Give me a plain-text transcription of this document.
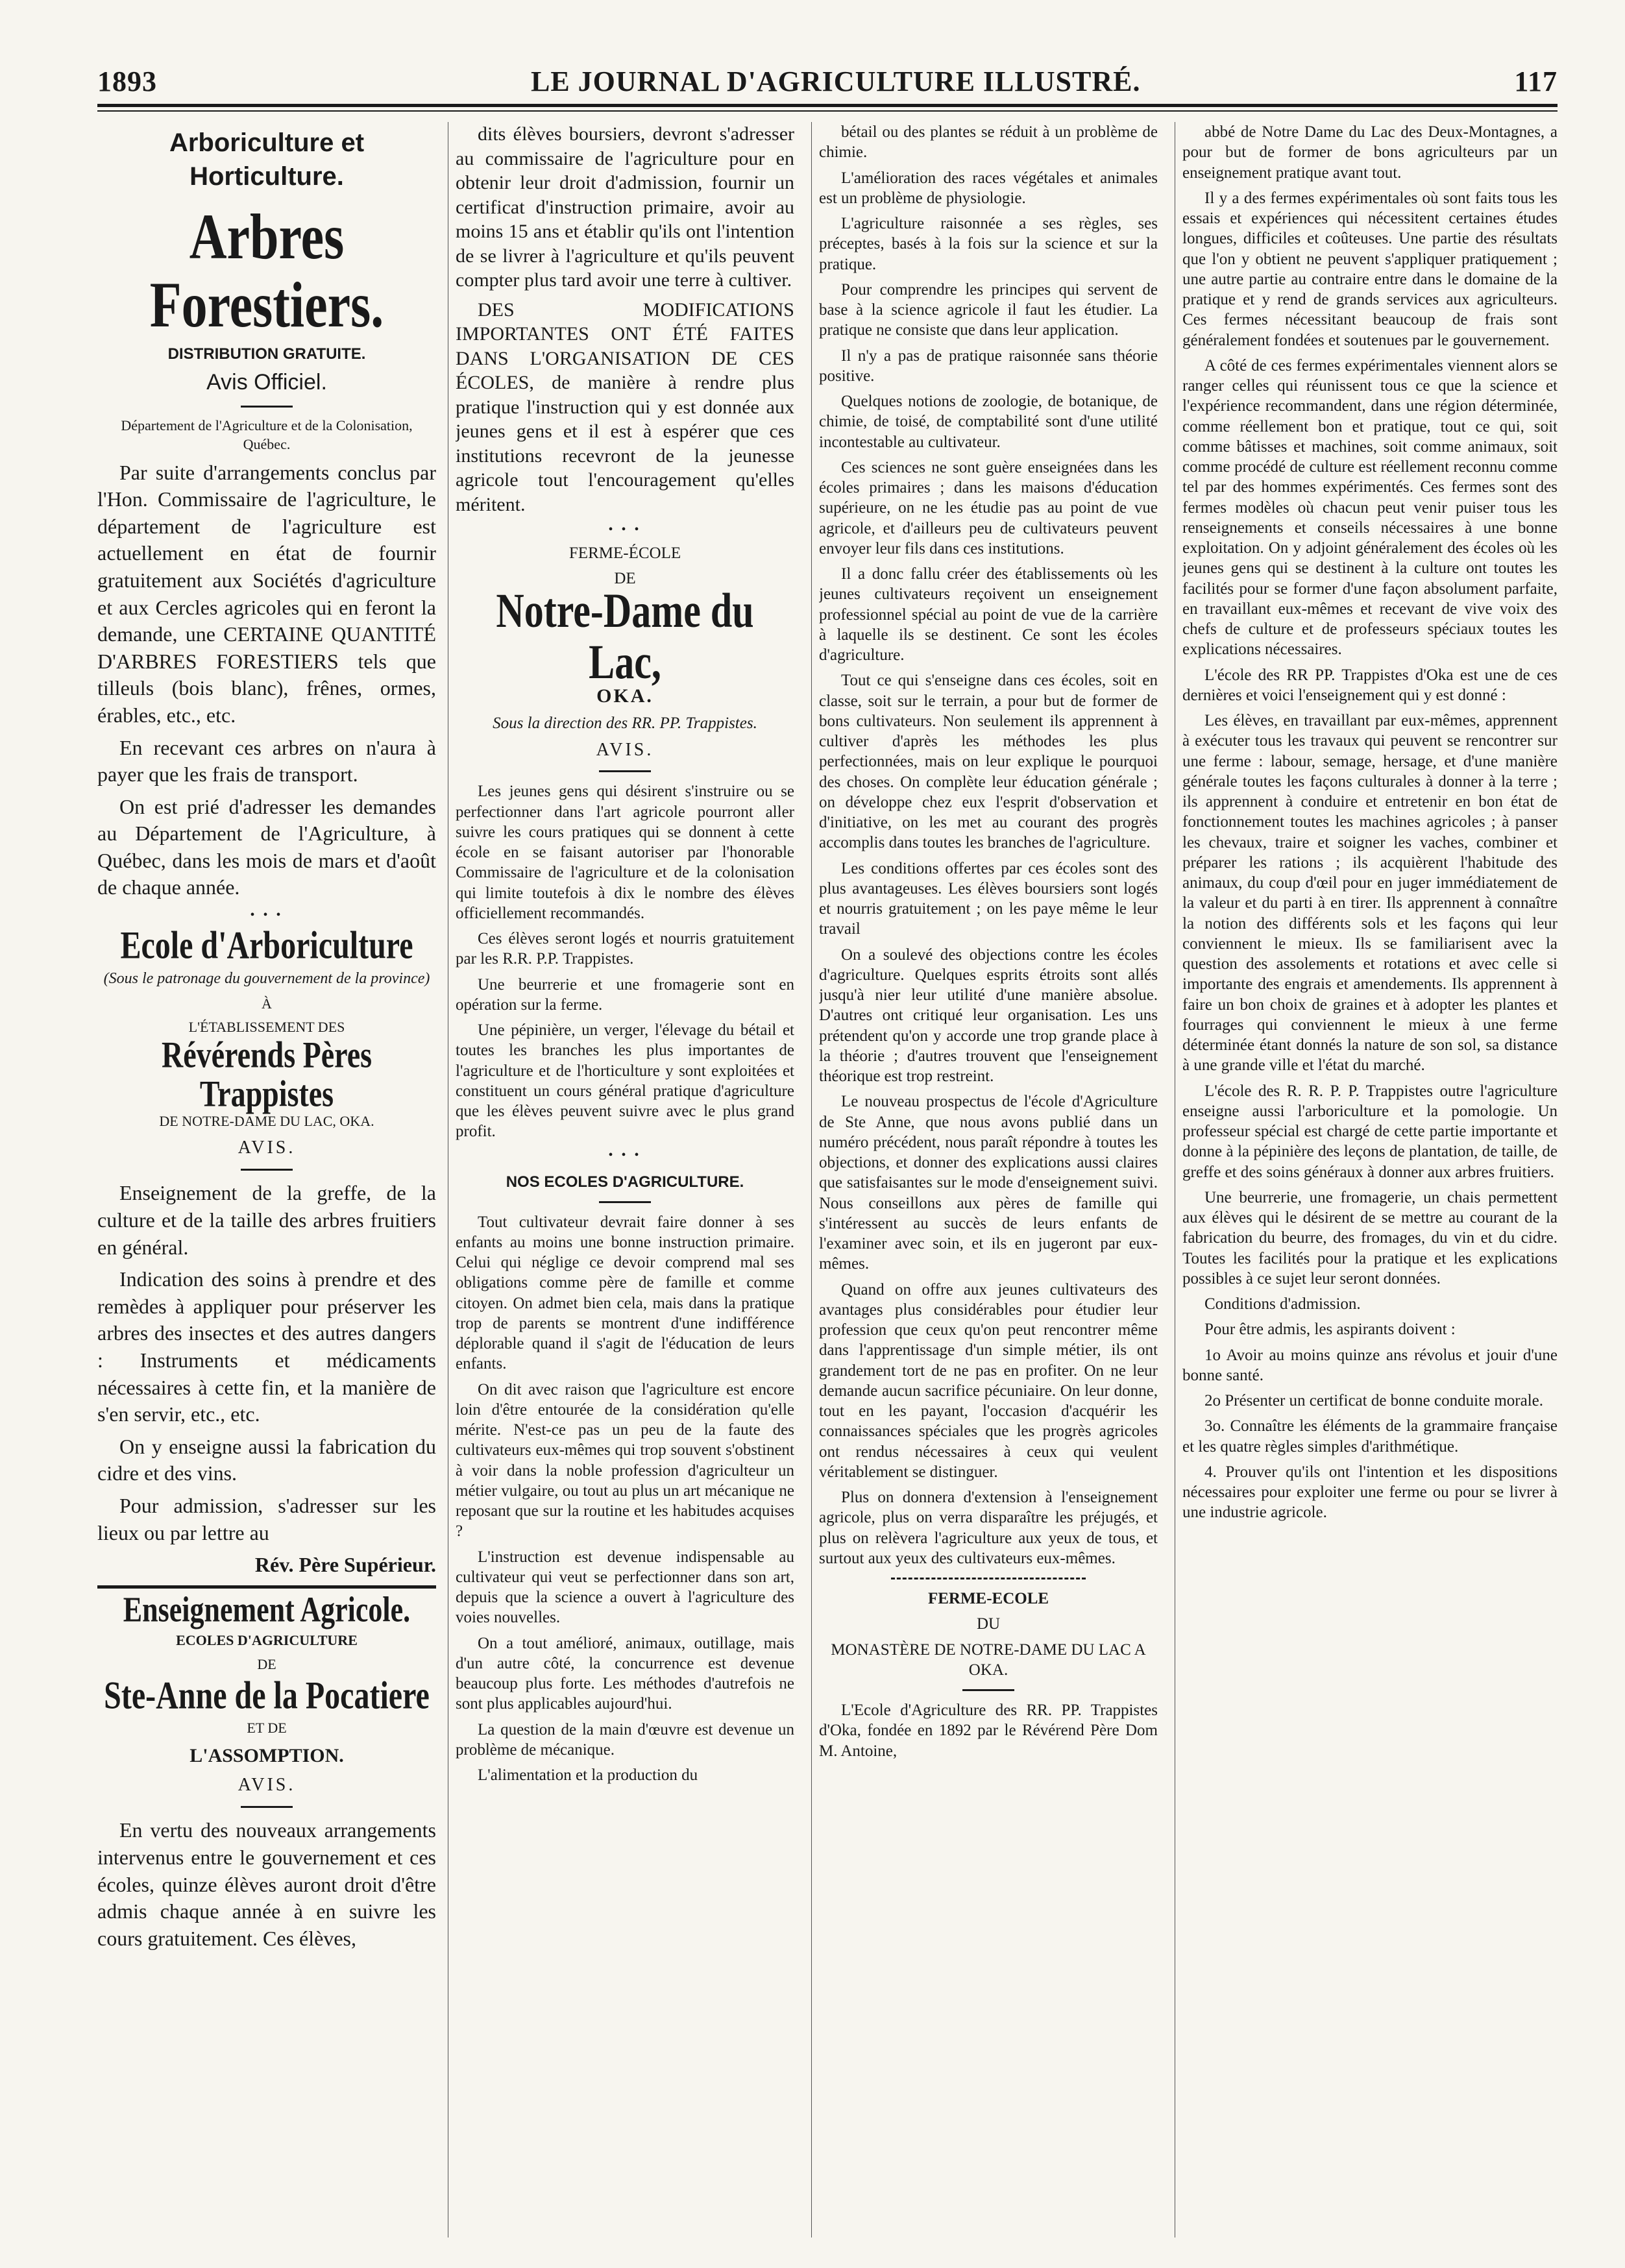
1893	LE JOURNAL D'AGRICULTURE ILLUSTRÉ.	117
Arboriculture et Horticulture.
Arbres Forestiers.
DISTRIBUTION GRATUITE.
Avis Officiel.

Département de l'Agriculture et de la Colonisation, Québec.

Par suite d'arrangements conclus par l'Hon. Commissaire de l'agriculture, le département de l'agriculture est actuellement en état de fournir gratuitement aux Sociétés d'agriculture et aux Cercles agricoles qui en feront la demande, une CERTAINE QUANTITÉ D'ARBRES FORESTIERS tels que tilleuls (bois blanc), frênes, ormes, érables, etc., etc.

En recevant ces arbres on n'aura à payer que les frais de transport.

On est prié d'adresser les demandes au Département de l'Agriculture, à Québec, dans les mois de mars et d'août de chaque année.

• • •
Ecole d'Arboriculture

(Sous le patronage du gouvernement de la province)

À

L'ÉTABLISSEMENT DES

Révérends Pères Trappistes

DE NOTRE-DAME DU LAC, OKA.

AVIS.

Enseignement de la greffe, de la culture et de la taille des arbres fruitiers en général.

Indication des soins à prendre et des remèdes à appliquer pour préserver les arbres des insectes et des autres dangers : Instruments et médicaments nécessaires à cette fin, et la manière de s'en servir, etc., etc.

On y enseigne aussi la fabrication du cidre et des vins.

Pour admission, s'adresser sur les lieux ou par lettre au

Rév. Père Supérieur.

Enseignement Agricole.

ECOLES D'AGRICULTURE

DE

Ste-Anne de la Pocatiere

ET DE

L'ASSOMPTION.

AVIS.

En vertu des nouveaux arrangements intervenus entre le gouvernement et ces écoles, quinze élèves auront droit d'être admis chaque année à en suivre les cours gratuitement. Ces élèves,

dits élèves boursiers, devront s'adresser au commissaire de l'agriculture pour en obtenir leur droit d'admission, fournir un certificat d'instruction primaire, avoir au moins 15 ans et établir qu'ils ont l'intention de se livrer à l'agriculture et qu'ils peuvent compter plus tard avoir une terre à cultiver.

DES MODIFICATIONS IMPORTANTES ONT ÉTÉ FAITES DANS L'ORGANISATION DE CES ÉCOLES, de manière à rendre plus pratique l'instruction qui y est donnée aux jeunes gens et il est à espérer que ces institutions recevront de la jeunesse agricole tout l'encouragement qu'elles méritent.

• • •

FERME-ÉCOLE

DE

Notre-Dame du Lac,

OKA.

Sous la direction des RR. PP. Trappistes.

AVIS.

Les jeunes gens qui désirent s'instruire ou se perfectionner dans l'art agricole pourront aller suivre les cours pratiques qui se donnent à cette école en se faisant autoriser par l'honorable Commissaire de l'agriculture et de la colonisation qui limite toutefois à dix le nombre des élèves officiellement recommandés.

Ces élèves seront logés et nourris gratuitement par les R.R. P.P. Trappistes.

Une beurrerie et une fromagerie sont en opération sur la ferme.

Une pépinière, un verger, l'élevage du bétail et toutes les branches les plus importantes de l'agriculture et de l'horticulture y sont exploitées et constituent un cours général pratique d'agriculture que les élèves peuvent suivre avec le plus grand profit.

• • •
NOS ECOLES D'AGRICULTURE.

Tout cultivateur devrait faire donner à ses enfants au moins une bonne instruction primaire. Celui qui néglige ce devoir comprend mal ses obligations comme père de famille et comme citoyen. On admet bien cela, mais dans la pratique trop de parents se montrent d'une indifférence déplorable quand il s'agit de l'éducation de leurs enfants.

On dit avec raison que l'agriculture est encore loin d'être entourée de la considération qu'elle mérite. N'est-ce pas un peu de la faute des cultivateurs eux-mêmes qui trop souvent s'obstinent à voir dans la noble profession d'agriculteur un métier vulgaire, ou tout au plus un art mécanique ne reposant que sur la routine et les habitudes acquises ?

L'instruction est devenue indispensable au cultivateur qui veut se perfectionner dans son art, depuis que la science a ouvert à l'agriculture des voies nouvelles.

On a tout amélioré, animaux, outillage, mais d'un autre côté, la concurrence est devenue beaucoup plus forte. Les méthodes d'autrefois ne sont plus applicables aujourd'hui.

La question de la main d'œuvre est devenue un problème de mécanique.

L'alimentation et la production du

bétail ou des plantes se réduit à un problème de chimie.

L'amélioration des races végétales et animales est un problème de physiologie.

L'agriculture raisonnée a ses règles, ses préceptes, basés à la fois sur la science et sur la pratique.

Pour comprendre les principes qui servent de base à la science agricole il faut les étudier. La pratique ne consiste que dans leur application.

Il n'y a pas de pratique raisonnée sans théorie positive.

Quelques notions de zoologie, de botanique, de chimie, de toisé, de comptabilité sont d'une utilité incontestable au cultivateur.

Ces sciences ne sont guère enseignées dans les écoles primaires ; dans les maisons d'éducation supérieure, on ne les étudie pas au point de vue agricole, et d'ailleurs peu de cultivateurs peuvent envoyer leur fils dans ces institutions.

Il a donc fallu créer des établissements où les jeunes cultivateurs reçoivent un enseignement professionnel spécial au point de vue de la carrière à laquelle ils se destinent. Ce sont les écoles d'agriculture.

Tout ce qui s'enseigne dans ces écoles, soit en classe, soit sur le terrain, a pour but de former de bons cultivateurs. Non seulement ils apprennent à cultiver d'après les méthodes les plus perfectionnées, mais on leur explique le pourquoi des choses. On complète leur éducation générale ; on développe chez eux l'esprit d'observation et d'initiative, on les met au courant des progrès accomplis dans toutes les branches de l'agriculture.

Les conditions offertes par ces écoles sont des plus avantageuses. Les élèves boursiers sont logés et nourris gratuitement ; on les paye même le leur travail

On a soulevé des objections contre les écoles d'agriculture. Quelques esprits étroits sont allés jusqu'à nier leur utilité d'une manière absolue. D'autres ont critiqué leur organisation. Les uns prétendent qu'on y accorde une trop grande place à la théorie ; d'autres trouvent que l'enseignement théorique est trop restreint.

Le nouveau prospectus de l'école d'Agriculture de Ste Anne, que nous avons publié dans un numéro précédent, nous paraît répondre à toutes les objections, et donner des explications aussi claires que satisfaisantes sur le mode d'enseignement suivi. Nous conseillons aux pères de famille qui s'intéressent au succès de leurs enfants de l'examiner avec soin, et ils en jugeront par eux-mêmes.

Quand on offre aux jeunes cultivateurs des avantages plus considérables pour étudier leur profession que ceux qu'on peut rencontrer même dans l'apprentissage d'un simple métier, ils ont grandement tort de ne pas en profiter. On ne leur demande aucun sacrifice pécuniaire. On leur donne, tout en les payant, l'occasion d'acquérir les connaissances spéciales que les progrès agricoles ont rendus nécessaires à ceux qui veulent véritablement se distinguer.

Plus on donnera d'extension à l'enseignement agricole, plus on verra disparaître les préjugés, et plus on relèvera l'agriculture aux yeux de tous, et surtout aux yeux des cultivateurs eux-mêmes.

FERME-ECOLE

DU

MONASTÈRE DE NOTRE-DAME DU LAC A OKA.

L'Ecole d'Agriculture des RR. PP. Trappistes d'Oka, fondée en 1892 par le Révérend Père Dom M. Antoine,

abbé de Notre Dame du Lac des Deux-Montagnes, a pour but de former de bons agriculteurs par un enseignement pratique avant tout.

Il y a des fermes expérimentales où sont faits tous les essais et expériences qui nécessitent certaines études longues, difficiles et coûteuses. Une partie des résultats que l'on y obtient ne peuvent s'appliquer pratiquement ; une autre partie au contraire entre dans le domaine de la pratique et y rend de grands services aux agriculteurs. Ces fermes nécessitant beaucoup de frais sont généralement fondées et soutenues par le gouvernement.

A côté de ces fermes expérimentales viennent alors se ranger celles qui réunissent tous ce que la science et l'expérience recommandent, dans une région déterminée, comme réellement bon et pratique, tout ce qui, soit comme bâtisses et machines, soit comme animaux, soit comme procédé de culture est réellement reconnu comme tel par des hommes expérimentés. Ces fermes sont des fermes modèles où chacun peut venir puiser tous les renseignements et conseils nécessaires à une bonne exploitation. On y adjoint généralement des écoles où les jeunes gens qui se destinent à la culture ont toutes les facilités pour se former d'une façon absolument parfaite, en travaillant eux-mêmes et recevant de vive voix des chefs de culture et de professeurs spéciaux toutes les explications nécessaires.

L'école des RR PP. Trappistes d'Oka est une de ces dernières et voici l'enseignement qui y est donné :

Les élèves, en travaillant par eux-mêmes, apprennent à exécuter tous les travaux qui peuvent se rencontrer sur une ferme : labour, semage, hersage, et d'une manière générale toutes les façons culturales à donner à la terre ; ils apprennent à conduire et entretenir en bon état de fonctionnement toutes les machines agricoles ; à panser les chevaux, traire et soigner les vaches, combiner et préparer les rations ; ils acquièrent l'habitude des animaux, du coup d'œil pour en juger immédiatement de la valeur et du parti à en tirer. Ils apprennent à connaître la notion des différents sols et les façons qui leur conviennent le mieux. Ils se familiarisent avec la question des assolements et rotations et avec celle si importante des engrais et amendements. Ils apprennent à faire un bon choix de graines et à adopter les plantes et fourrages qui conviennent le mieux à une ferme déterminée étant donnés la nature de son sol, sa distance à une grande ville et l'état du marché.

L'école des R. R. P. P. Trappistes outre l'agriculture enseigne aussi l'arboriculture et la pomologie. Un professeur spécial est chargé de cette partie importante et donne à la pépinière des leçons de plantation, de taille, de greffe et des soins généraux à donner aux arbres fruitiers.

Une beurrerie, une fromagerie, un chais permettent aux élèves qui le désirent de se mettre au courant de la fabrication du beurre, des fromages, du vin et du cidre. Toutes les facilités pour la pratique et les explications possibles à ce sujet leur seront données.

Conditions d'admission.

Pour être admis, les aspirants doivent :

1o Avoir au moins quinze ans révolus et jouir d'une bonne santé.

2o Présenter un certificat de bonne conduite morale.

3o. Connaître les éléments de la grammaire française et les quatre règles simples d'arithmétique.

4. Prouver qu'ils ont l'intention et les dispositions nécessaires pour exploiter une ferme ou pour se livrer à une industrie agricole.
